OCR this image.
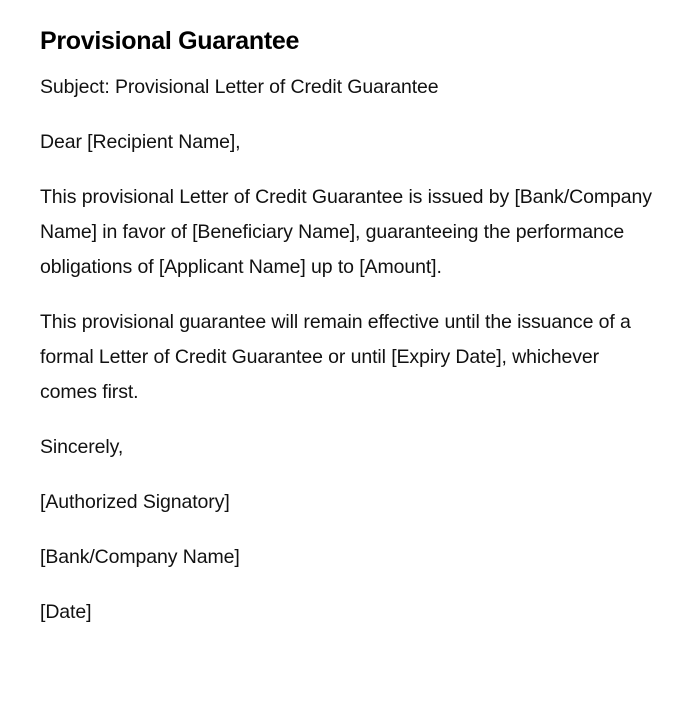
Provisional Guarantee

Subject: Provisional Letter of Credit Guarantee

Dear [Recipient Name],

This provisional Letter of Credit Guarantee is issued by [Bank/Company Name] in favor of [Beneficiary Name], guaranteeing the performance obligations of [Applicant Name] up to [Amount].

This provisional guarantee will remain effective until the issuance of a formal Letter of Credit Guarantee or until [Expiry Date], whichever comes first.

Sincerely,

[Authorized Signatory]

[Bank/Company Name]

[Date]
